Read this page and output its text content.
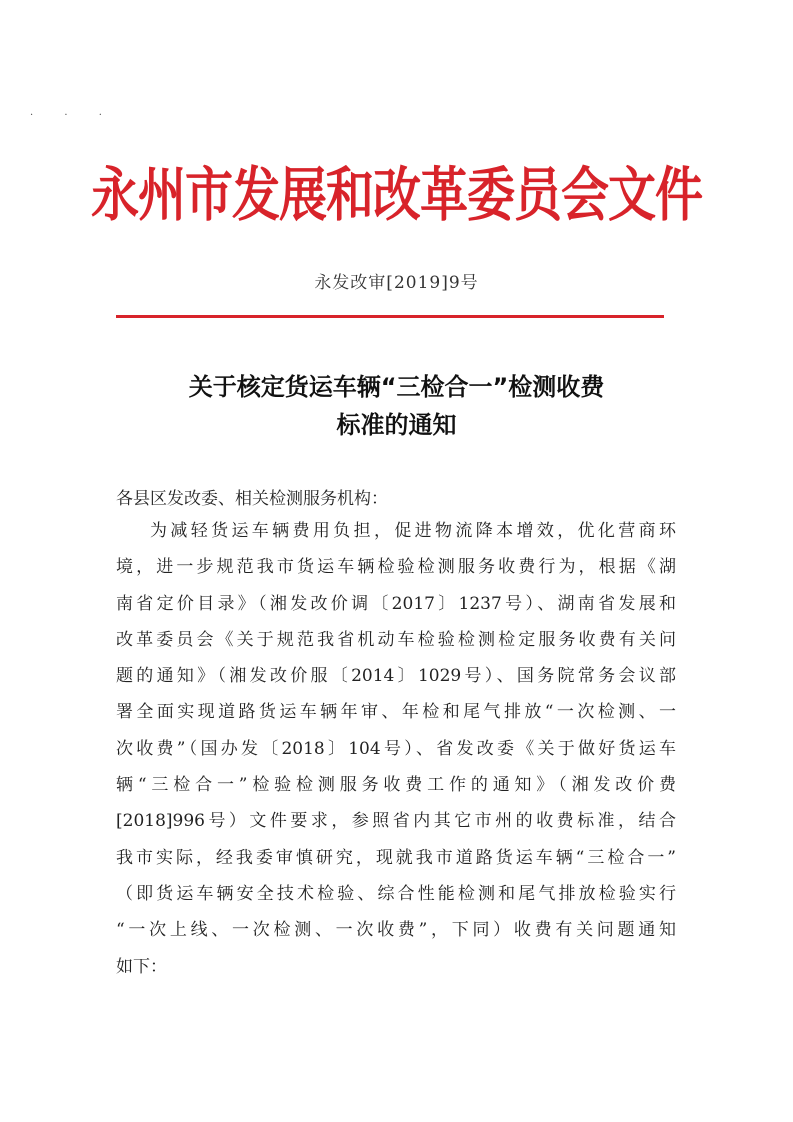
· · ·
永州市发展和改革委员会文件
永发改审[2019]9号
关于核定货运车辆“三检合一”检测收费
标准的通知
各县区发改委、相关检测服务机构：
为减轻货运车辆费用负担，促进物流降本增效，优化营商环
境，进一步规范我市货运车辆检验检测服务收费行为，根据《湖
南省定价目录》（湘发改价调〔2017〕1237号）、湖南省发展和
改革委员会《关于规范我省机动车检验检测检定服务收费有关问
题的通知》（湘发改价服〔2014〕1029号）、国务院常务会议部
署全面实现道路货运车辆年审、年检和尾气排放“一次检测、一
次收费”（国办发〔2018〕104号）、省发改委《关于做好货运车
辆“三检合一”检验检测服务收费工作的通知》（湘发改价费
[2018]996号）文件要求，参照省内其它市州的收费标准，结合
我市实际，经我委审慎研究，现就我市道路货运车辆“三检合一”
（即货运车辆安全技术检验、综合性能检测和尾气排放检验实行
“一次上线、一次检测、一次收费”，下同）收费有关问题通知
如下：
